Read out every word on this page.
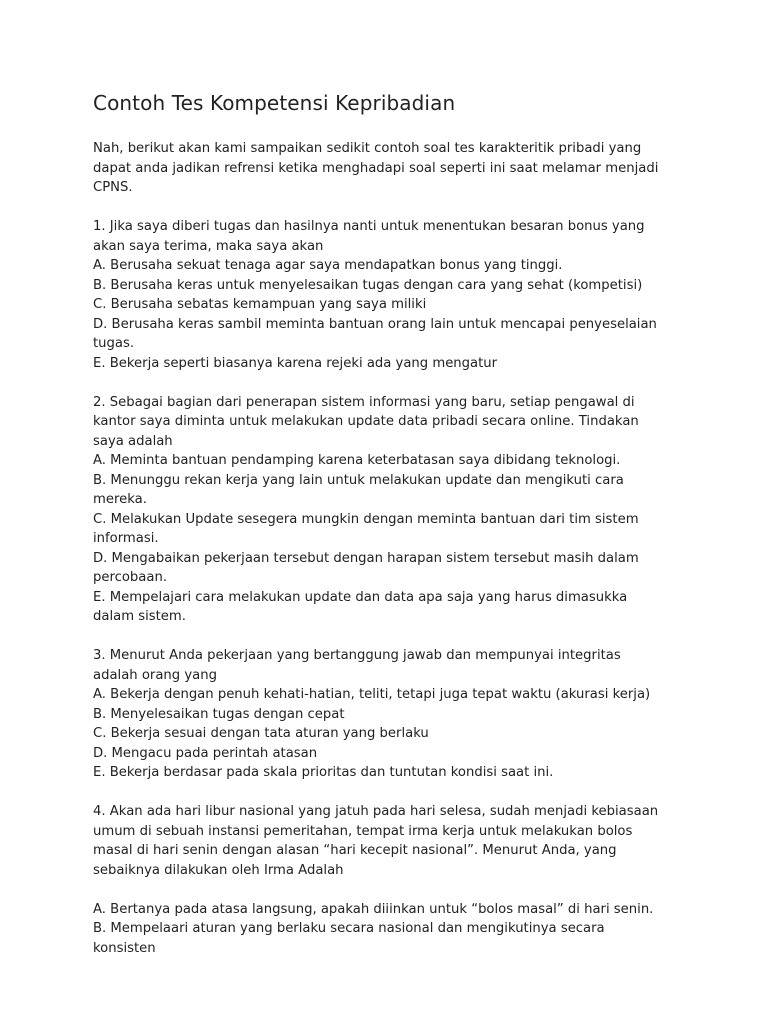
Contoh Tes Kompetensi Kepribadian

Nah, berikut akan kami sampaikan sedikit contoh soal tes karakteritik pribadi yang
dapat anda jadikan refrensi ketika menghadapi soal seperti ini saat melamar menjadi
CPNS.

1. Jika saya diberi tugas dan hasilnya nanti untuk menentukan besaran bonus yang
akan saya terima, maka saya akan
A. Berusaha sekuat tenaga agar saya mendapatkan bonus yang tinggi.
B. Berusaha keras untuk menyelesaikan tugas dengan cara yang sehat (kompetisi)
C. Berusaha sebatas kemampuan yang saya miliki
D. Berusaha keras sambil meminta bantuan orang lain untuk mencapai penyeselaian
tugas.
E. Bekerja seperti biasanya karena rejeki ada yang mengatur

2. Sebagai bagian dari penerapan sistem informasi yang baru, setiap pengawal di
kantor saya diminta untuk melakukan update data pribadi secara online. Tindakan
saya adalah
A. Meminta bantuan pendamping karena keterbatasan saya dibidang teknologi.
B. Menunggu rekan kerja yang lain untuk melakukan update dan mengikuti cara
mereka.
C. Melakukan Update sesegera mungkin dengan meminta bantuan dari tim sistem
informasi.
D. Mengabaikan pekerjaan tersebut dengan harapan sistem tersebut masih dalam
percobaan.
E. Mempelajari cara melakukan update dan data apa saja yang harus dimasukka
dalam sistem.

3. Menurut Anda pekerjaan yang bertanggung jawab dan mempunyai integritas
adalah orang yang
A. Bekerja dengan penuh kehati-hatian, teliti, tetapi juga tepat waktu (akurasi kerja)
B. Menyelesaikan tugas dengan cepat
C. Bekerja sesuai dengan tata aturan yang berlaku
D. Mengacu pada perintah atasan
E. Bekerja berdasar pada skala prioritas dan tuntutan kondisi saat ini.

4. Akan ada hari libur nasional yang jatuh pada hari selesa, sudah menjadi kebiasaan
umum di sebuah instansi pemeritahan, tempat irma kerja untuk melakukan bolos
masal di hari senin dengan alasan “hari kecepit nasional”. Menurut Anda, yang
sebaiknya dilakukan oleh Irma Adalah

A. Bertanya pada atasa langsung, apakah diiinkan untuk “bolos masal” di hari senin.
B. Mempelaari aturan yang berlaku secara nasional dan mengikutinya secara
konsisten
